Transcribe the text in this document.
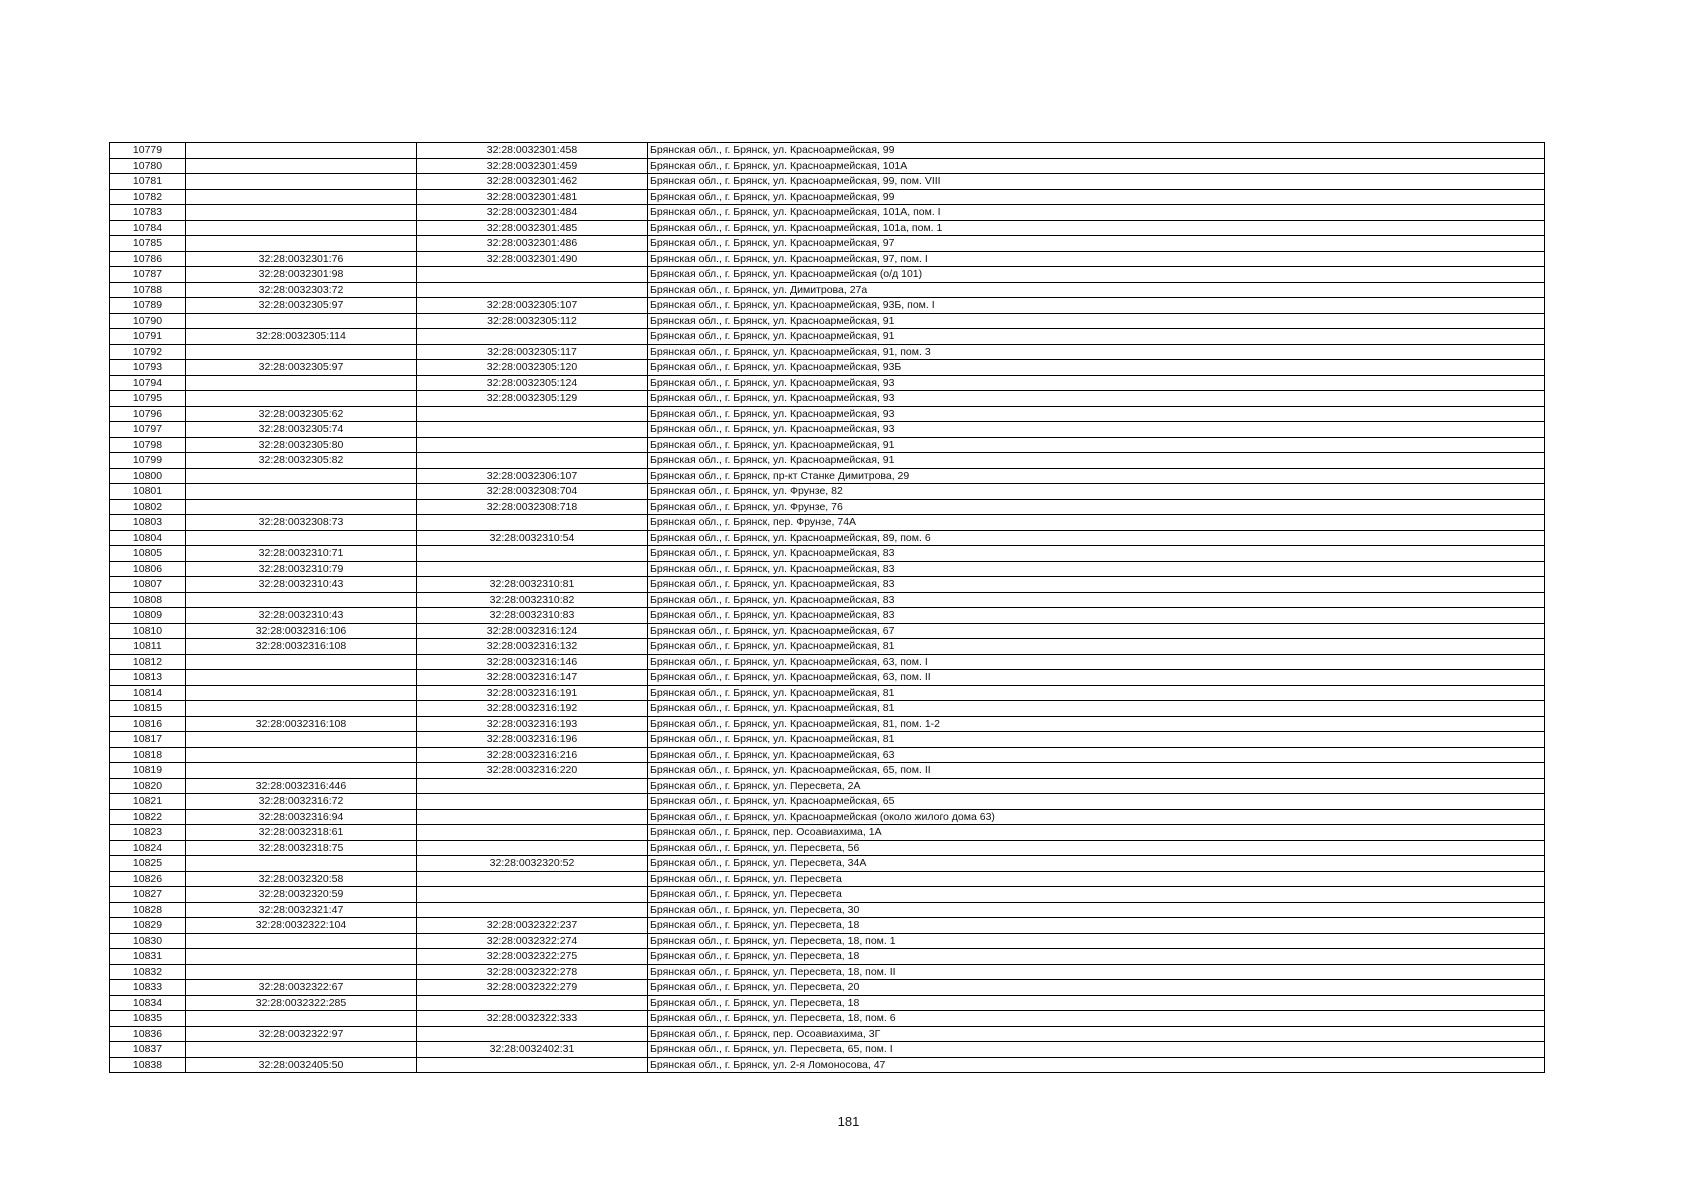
10779		32:28:0032301:458	Брянская обл., г. Брянск, ул. Красноармейская, 99
10780		32:28:0032301:459	Брянская обл., г. Брянск, ул. Красноармейская, 101А
10781		32:28:0032301:462	Брянская обл., г. Брянск, ул. Красноармейская, 99, пом. VIII
10782		32:28:0032301:481	Брянская обл., г. Брянск, ул. Красноармейская, 99
10783		32:28:0032301:484	Брянская обл., г. Брянск, ул. Красноармейская, 101А, пом. I
10784		32:28:0032301:485	Брянская обл., г. Брянск, ул. Красноармейская, 101а, пом. 1
10785		32:28:0032301:486	Брянская обл., г. Брянск, ул. Красноармейская, 97
10786	32:28:0032301:76	32:28:0032301:490	Брянская обл., г. Брянск, ул. Красноармейская, 97, пом. I
10787	32:28:0032301:98		Брянская обл., г. Брянск, ул. Красноармейская (о/д 101)
10788	32:28:0032303:72		Брянская обл., г. Брянск, ул. Димитрова, 27а
10789	32:28:0032305:97	32:28:0032305:107	Брянская обл., г. Брянск, ул. Красноармейская, 93Б, пом. I
10790		32:28:0032305:112	Брянская обл., г. Брянск, ул. Красноармейская, 91
10791	32:28:0032305:114		Брянская обл., г. Брянск, ул. Красноармейская, 91
10792		32:28:0032305:117	Брянская обл., г. Брянск, ул. Красноармейская, 91, пом. 3
10793	32:28:0032305:97	32:28:0032305:120	Брянская обл., г. Брянск, ул. Красноармейская, 93Б
10794		32:28:0032305:124	Брянская обл., г. Брянск, ул. Красноармейская, 93
10795		32:28:0032305:129	Брянская обл., г. Брянск, ул. Красноармейская, 93
10796	32:28:0032305:62		Брянская обл., г. Брянск, ул. Красноармейская, 93
10797	32:28:0032305:74		Брянская обл., г. Брянск, ул. Красноармейская, 93
10798	32:28:0032305:80		Брянская обл., г. Брянск, ул. Красноармейская, 91
10799	32:28:0032305:82		Брянская обл., г. Брянск, ул. Красноармейская, 91
10800		32:28:0032306:107	Брянская обл., г. Брянск, пр-кт Станке Димитрова, 29
10801		32:28:0032308:704	Брянская обл., г. Брянск, ул. Фрунзе, 82
10802		32:28:0032308:718	Брянская обл., г. Брянск, ул. Фрунзе, 76
10803	32:28:0032308:73		Брянская обл., г. Брянск, пер. Фрунзе, 74А
10804		32:28:0032310:54	Брянская обл., г. Брянск, ул. Красноармейская, 89, пом. 6
10805	32:28:0032310:71		Брянская обл., г. Брянск, ул. Красноармейская, 83
10806	32:28:0032310:79		Брянская обл., г. Брянск, ул. Красноармейская, 83
10807	32:28:0032310:43	32:28:0032310:81	Брянская обл., г. Брянск, ул. Красноармейская, 83
10808		32:28:0032310:82	Брянская обл., г. Брянск, ул. Красноармейская, 83
10809	32:28:0032310:43	32:28:0032310:83	Брянская обл., г. Брянск, ул. Красноармейская, 83
10810	32:28:0032316:106	32:28:0032316:124	Брянская обл., г. Брянск, ул. Красноармейская, 67
10811	32:28:0032316:108	32:28:0032316:132	Брянская обл., г. Брянск, ул. Красноармейская, 81
10812		32:28:0032316:146	Брянская обл., г. Брянск, ул. Красноармейская, 63, пом. I
10813		32:28:0032316:147	Брянская обл., г. Брянск, ул. Красноармейская, 63, пом. II
10814		32:28:0032316:191	Брянская обл., г. Брянск, ул. Красноармейская, 81
10815		32:28:0032316:192	Брянская обл., г. Брянск, ул. Красноармейская, 81
10816	32:28:0032316:108	32:28:0032316:193	Брянская обл., г. Брянск, ул. Красноармейская, 81, пом. 1-2
10817		32:28:0032316:196	Брянская обл., г. Брянск, ул. Красноармейская, 81
10818		32:28:0032316:216	Брянская обл., г. Брянск, ул. Красноармейская, 63
10819		32:28:0032316:220	Брянская обл., г. Брянск, ул. Красноармейская, 65, пом. II
10820	32:28:0032316:446		Брянская обл., г. Брянск, ул. Пересвета, 2А
10821	32:28:0032316:72		Брянская обл., г. Брянск, ул. Красноармейская, 65
10822	32:28:0032316:94		Брянская обл., г. Брянск, ул. Красноармейская (около жилого дома 63)
10823	32:28:0032318:61		Брянская обл., г. Брянск, пер. Осоавиахима, 1А
10824	32:28:0032318:75		Брянская обл., г. Брянск, ул. Пересвета, 56
10825		32:28:0032320:52	Брянская обл., г. Брянск, ул. Пересвета, 34А
10826	32:28:0032320:58		Брянская обл., г. Брянск, ул. Пересвета
10827	32:28:0032320:59		Брянская обл., г. Брянск, ул. Пересвета
10828	32:28:0032321:47		Брянская обл., г. Брянск, ул. Пересвета, 30
10829	32:28:0032322:104	32:28:0032322:237	Брянская обл., г. Брянск, ул. Пересвета, 18
10830		32:28:0032322:274	Брянская обл., г. Брянск, ул. Пересвета, 18, пом. 1
10831		32:28:0032322:275	Брянская обл., г. Брянск, ул. Пересвета, 18
10832		32:28:0032322:278	Брянская обл., г. Брянск, ул. Пересвета, 18, пом. II
10833	32:28:0032322:67	32:28:0032322:279	Брянская обл., г. Брянск, ул. Пересвета, 20
10834	32:28:0032322:285		Брянская обл., г. Брянск, ул. Пересвета, 18
10835		32:28:0032322:333	Брянская обл., г. Брянск, ул. Пересвета, 18, пом. 6
10836	32:28:0032322:97		Брянская обл., г. Брянск, пер. Осоавиахима, 3Г
10837		32:28:0032402:31	Брянская обл., г. Брянск, ул. Пересвета, 65, пом. I
10838	32:28:0032405:50		Брянская обл., г. Брянск, ул. 2-я Ломоносова, 47
181
